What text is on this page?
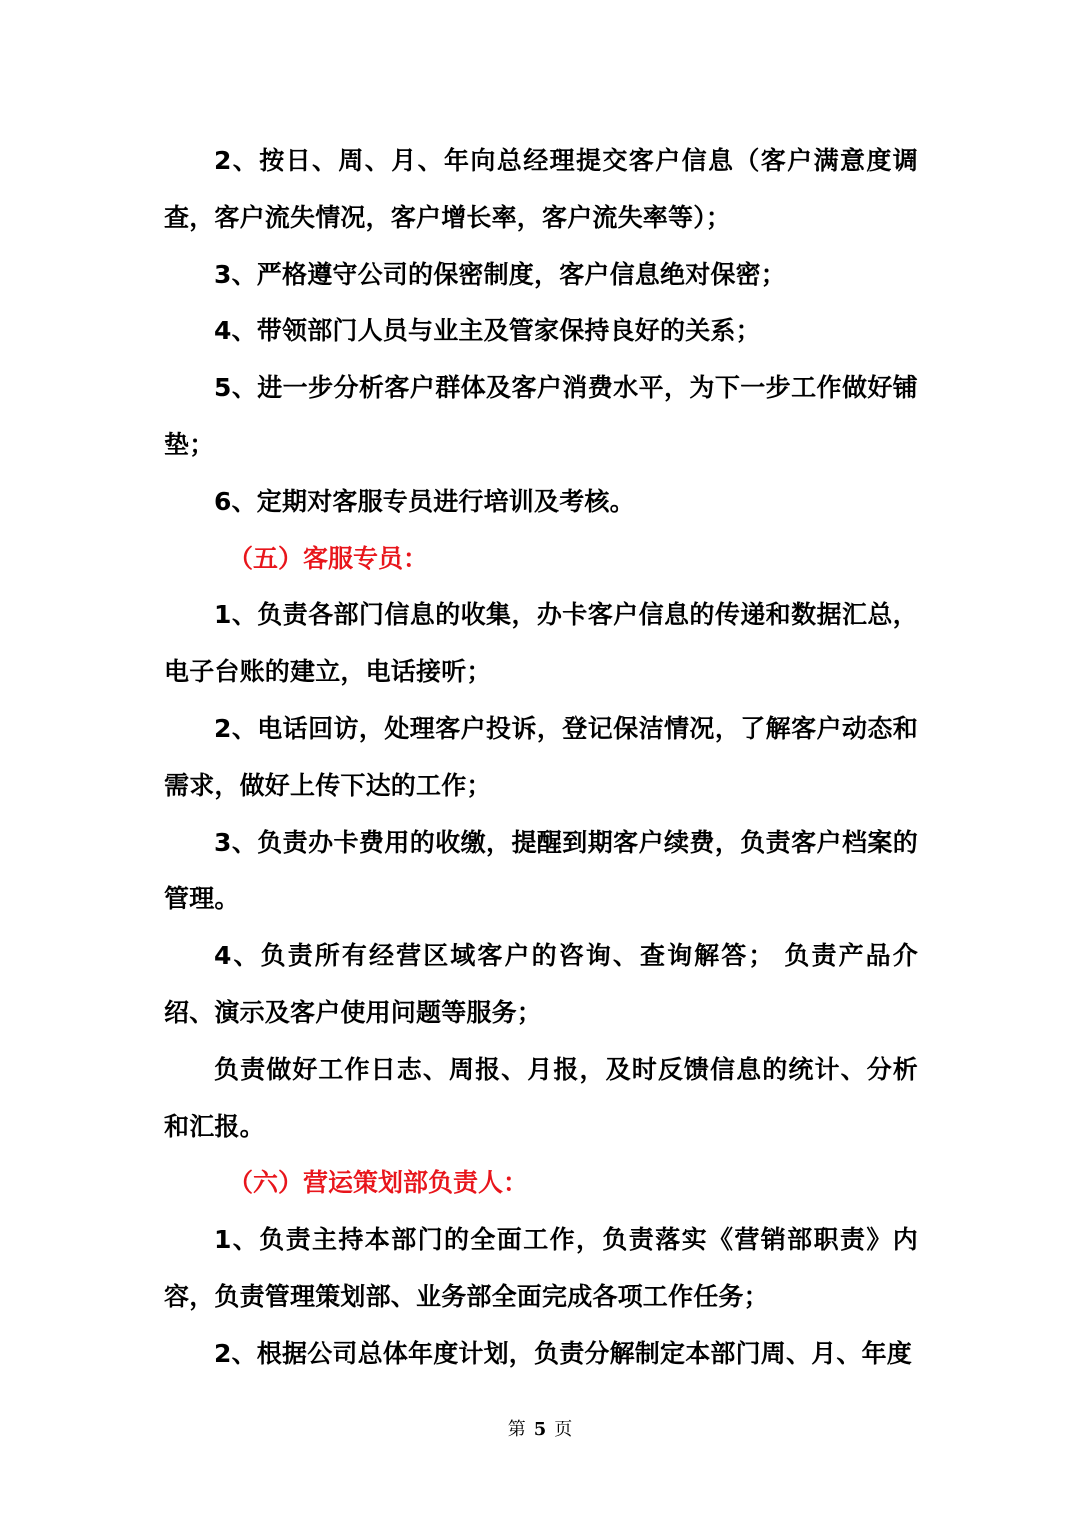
2、按日、周、月、年向总经理提交客户信息（客户满意度调查，客户流失情况，客户增长率，客户流失率等）；

3、严格遵守公司的保密制度，客户信息绝对保密；

4、带领部门人员与业主及管家保持良好的关系；

5、进一步分析客户群体及客户消费水平，为下一步工作做好铺垫；

6、定期对客服专员进行培训及考核。

（五）客服专员：

1、负责各部门信息的收集，办卡客户信息的传递和数据汇总，电子台账的建立，电话接听；

2、电话回访，处理客户投诉，登记保洁情况，了解客户动态和需求，做好上传下达的工作；

3、负责办卡费用的收缴，提醒到期客户续费，负责客户档案的管理。

4、负责所有经营区域客户的咨询、查询解答； 负责产品介绍、演示及客户使用问题等服务；

负责做好工作日志、周报、月报，及时反馈信息的统计、分析和汇报。

（六）营运策划部负责人：

1、负责主持本部门的全面工作，负责落实《营销部职责》内容，负责管理策划部、业务部全面完成各项工作任务；

2、根据公司总体年度计划，负责分解制定本部门周、月、年度

第 5 页
